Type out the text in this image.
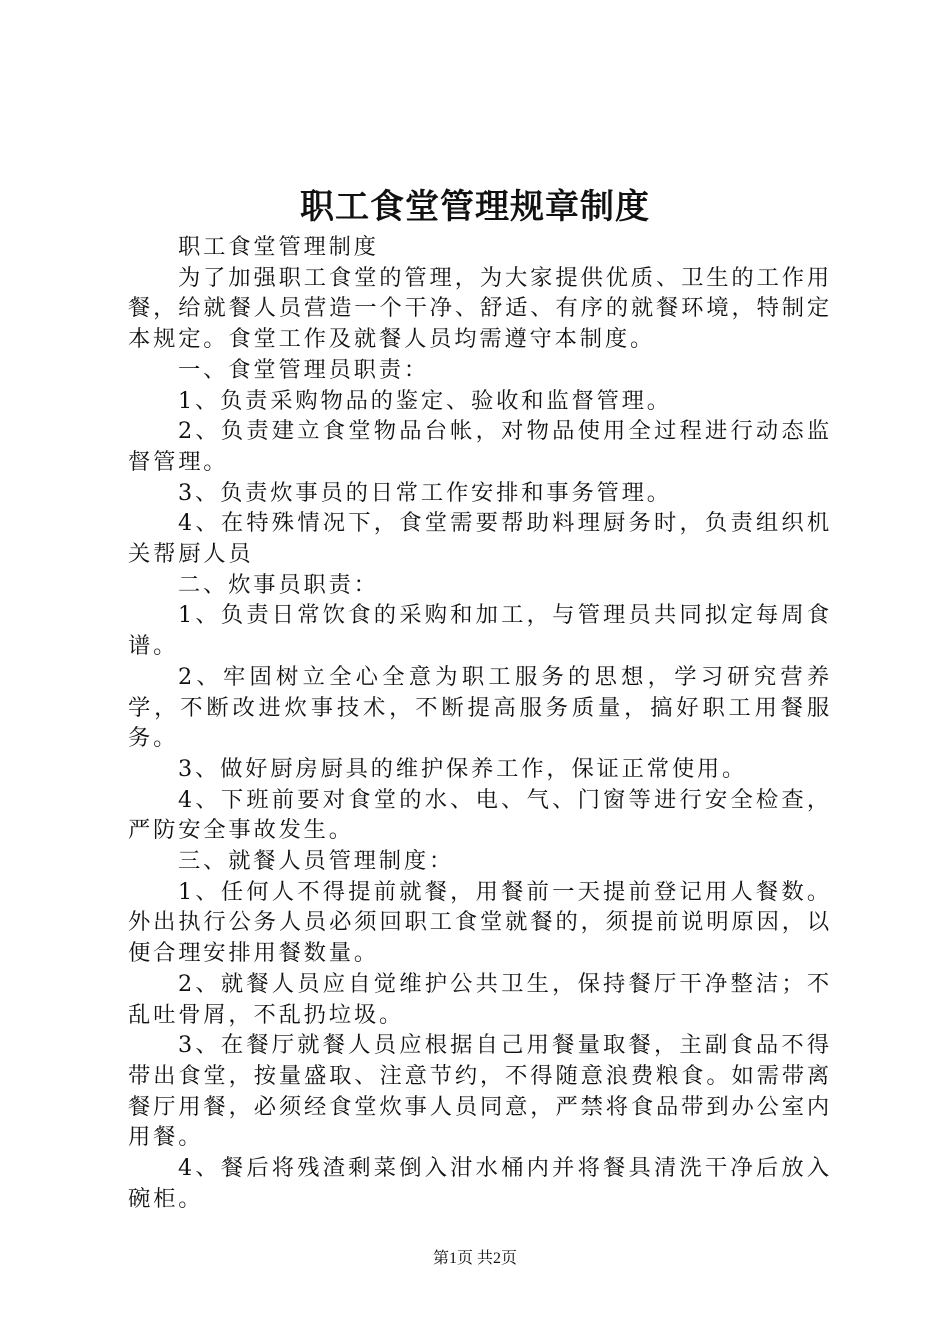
职工食堂管理规章制度

职工食堂管理制度

为了加强职工食堂的管理，为大家提供优质、卫生的工作用餐，给就餐人员营造一个干净、舒适、有序的就餐环境，特制定本规定。食堂工作及就餐人员均需遵守本制度。

一、食堂管理员职责：

1、负责采购物品的鉴定、验收和监督管理。

2、负责建立食堂物品台帐，对物品使用全过程进行动态监督管理。

3、负责炊事员的日常工作安排和事务管理。

4、在特殊情况下，食堂需要帮助料理厨务时，负责组织机关帮厨人员

二、炊事员职责：

1、负责日常饮食的采购和加工，与管理员共同拟定每周食谱。

2、牢固树立全心全意为职工服务的思想，学习研究营养学，不断改进炊事技术，不断提高服务质量，搞好职工用餐服务。

3、做好厨房厨具的维护保养工作，保证正常使用。

4、下班前要对食堂的水、电、气、门窗等进行安全检查，严防安全事故发生。

三、就餐人员管理制度：

1、任何人不得提前就餐，用餐前一天提前登记用人餐数。外出执行公务人员必须回职工食堂就餐的，须提前说明原因，以便合理安排用餐数量。

2、就餐人员应自觉维护公共卫生，保持餐厅干净整洁；不乱吐骨屑，不乱扔垃圾。

3、在餐厅就餐人员应根据自己用餐量取餐，主副食品不得带出食堂，按量盛取、注意节约，不得随意浪费粮食。如需带离餐厅用餐，必须经食堂炊事人员同意，严禁将食品带到办公室内用餐。

4、餐后将残渣剩菜倒入泔水桶内并将餐具清洗干净后放入碗柜。

第1页 共2页
